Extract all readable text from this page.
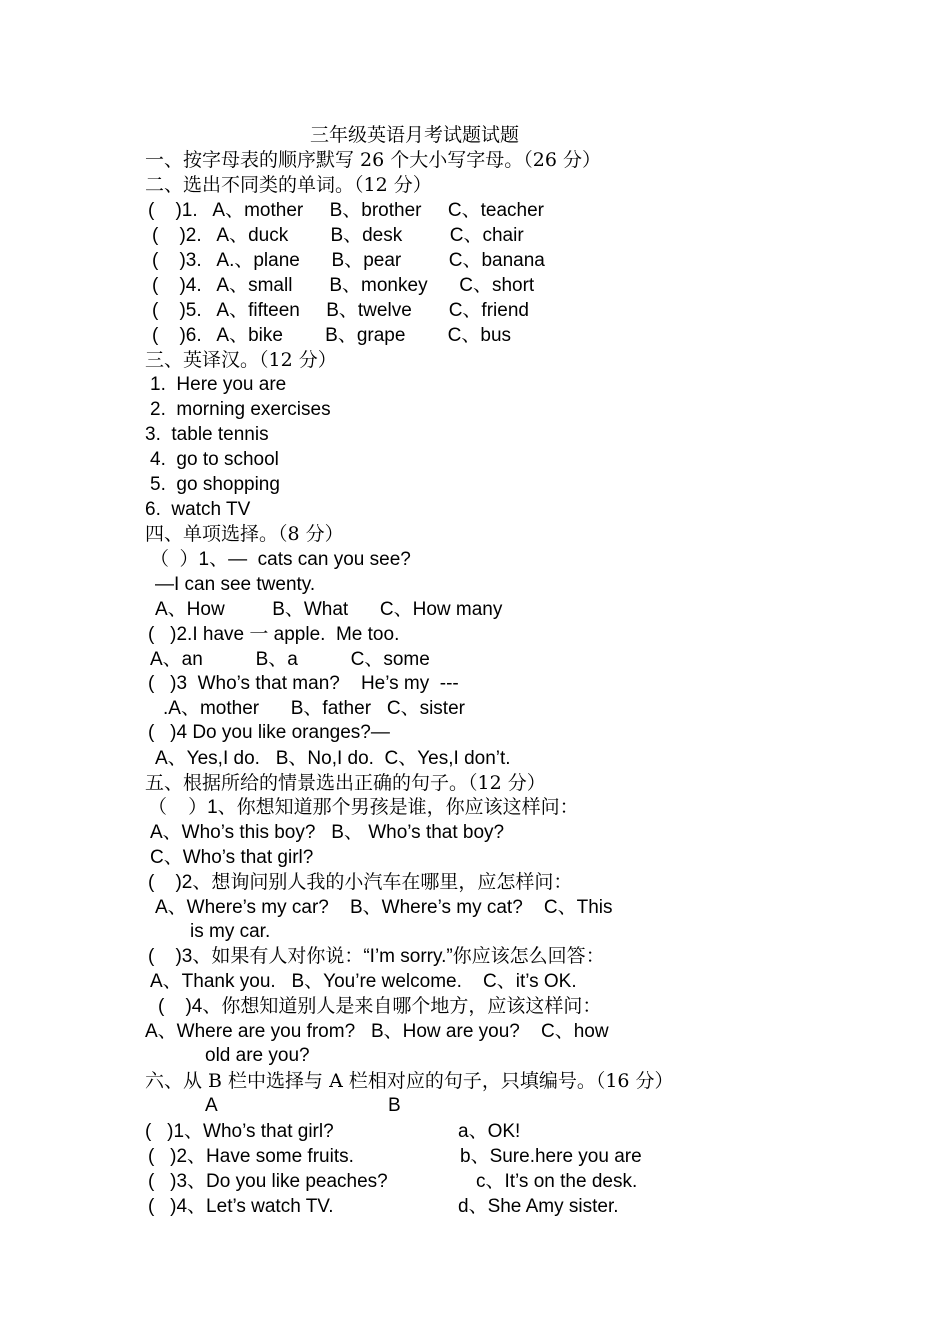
三年级英语月考试题试题
一、按字母表的顺序默写 26 个大小写字母。（26 分）
二、选出不同类的单词。（12 分）
(    )1.   A、mother     B、brother     C、teacher
(    )2.   A、duck        B、desk         C、chair
(    )3.   A.、plane      B、pear         C、banana
(    )4.   A、small       B、monkey      C、short
(    )5.   A、fifteen     B、twelve       C、friend
(    )6.   A、bike        B、grape        C、bus
三、英译汉。（12 分）
1.  Here you are
2.  morning exercises
3.  table tennis
4.  go to school
5.  go shopping
6.  watch TV
四、单项选择。（8 分）
（  ）1、—  cats can you see?
—I can see twenty.
A、How         B、What      C、How many
(   )2.I have 一 apple.  Me too.
A、an          B、a          C、some
(   )3  Who’s that man?    He’s my  ---
.A、mother      B、father   C、sister
(   )4 Do you like oranges?—
A、Yes,I do.   B、No,I do.  C、Yes,I don’t.
五、根据所给的情景选出正确的句子。（12 分）
（    ）1、你想知道那个男孩是谁，你应该这样问：
A、Who’s this boy?   B、 Who’s that boy?
C、Who’s that girl?
(    )2、想询问别人我的小汽车在哪里，应怎样问：
A、Where’s my car?    B、Where’s my cat?    C、This
is my car.
(    )3、如果有人对你说：“I’m sorry.”你应该怎么回答：
A、Thank you.   B、You’re welcome.    C、it’s OK.
(    )4、你想知道别人是来自哪个地方，应该这样问：
A、Where are you from?   B、How are you?    C、how
old are you?
六、从 B 栏中选择与 A 栏相对应的句子，只填编号。（16 分）
A	B
(   )1、Who’s that girl?
(   )2、Have some fruits.
(   )3、Do you like peaches?
(   )4、Let’s watch TV.
a、OK!
b、Sure.here you are
c、It’s on the desk.
d、She Amy sister.
